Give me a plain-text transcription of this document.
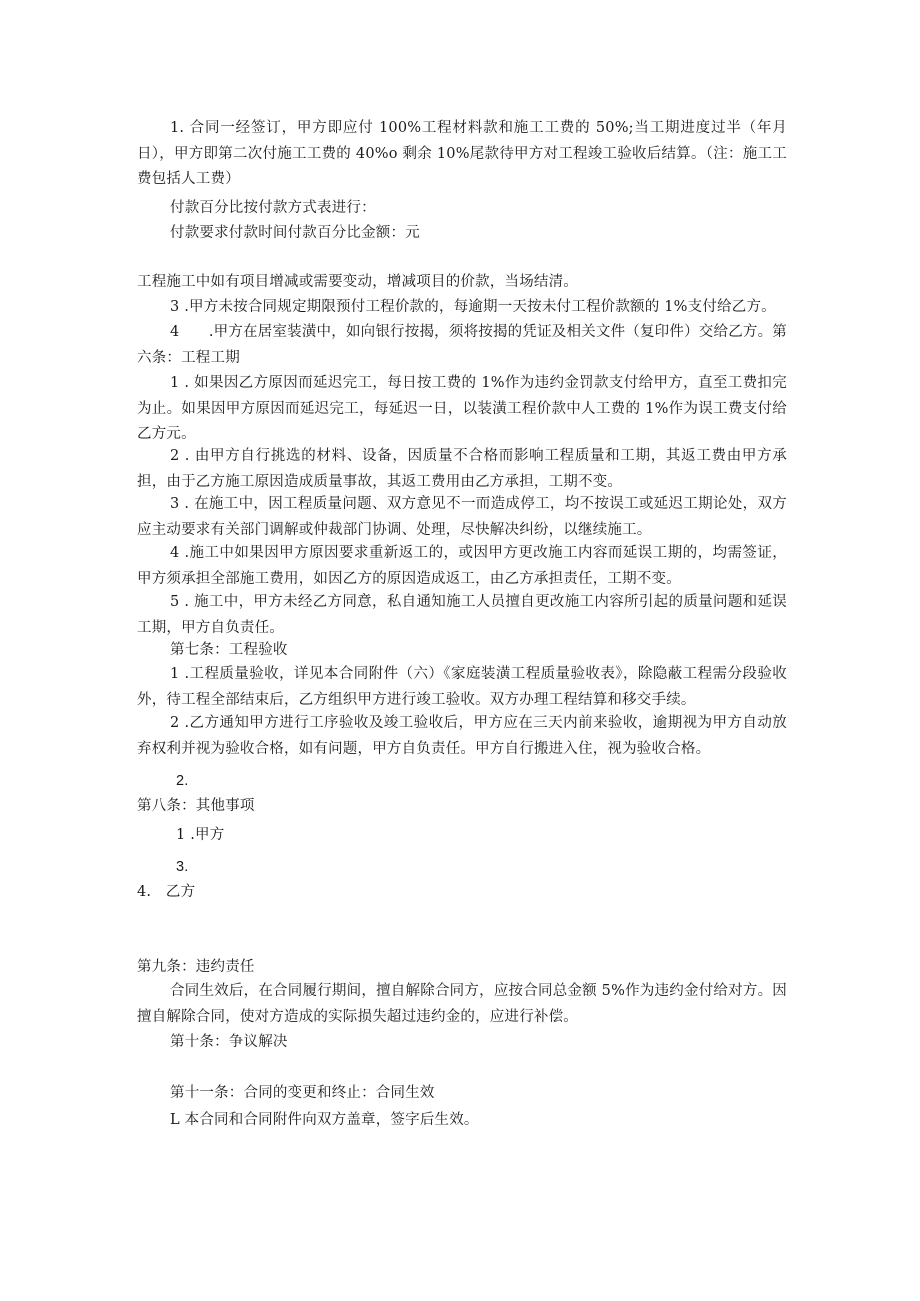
1. 合同一经签订，甲方即应付 100%工程材料款和施工工费的 50%;当工期进度过半（年月日），甲方即第二次付施工工费的 40%o 剩余 10%尾款待甲方对工程竣工验收后结算。（注：施工工费包括人工费）
付款百分比按付款方式表进行：
付款要求付款时间付款百分比金额：元
工程施工中如有项目增减或需要变动，增减项目的价款，当场结清。
3 .甲方未按合同规定期限预付工程价款的，每逾期一天按未付工程价款额的 1%支付给乙方。
4　　.甲方在居室装潢中，如向银行按揭，须将按揭的凭证及相关文件（复印件）交给乙方。第六条：工程工期
1 . 如果因乙方原因而延迟完工，每日按工费的 1%作为违约金罚款支付给甲方，直至工费扣完为止。如果因甲方原因而延迟完工，每延迟一日，以装潢工程价款中人工费的 1%作为误工费支付给乙方元。
2 . 由甲方自行挑选的材料、设备，因质量不合格而影响工程质量和工期，其返工费由甲方承担，由于乙方施工原因造成质量事故，其返工费用由乙方承担，工期不变。
3 . 在施工中，因工程质量问题、双方意见不一而造成停工，均不按误工或延迟工期论处，双方应主动要求有关部门调解或仲裁部门协调、处理，尽快解决纠纷，以继续施工。
4 .施工中如果因甲方原因要求重新返工的，或因甲方更改施工内容而延误工期的，均需签证，甲方须承担全部施工费用，如因乙方的原因造成返工，由乙方承担责任，工期不变。
5 . 施工中，甲方未经乙方同意，私自通知施工人员擅自更改施工内容所引起的质量问题和延误工期，甲方自负责任。
第七条：工程验收
1 .工程质量验收，详见本合同附件（六）《家庭装潢工程质量验收表》，除隐蔽工程需分段验收外，待工程全部结束后，乙方组织甲方进行竣工验收。双方办理工程结算和移交手续。
2 .乙方通知甲方进行工序验收及竣工验收后，甲方应在三天内前来验收，逾期视为甲方自动放弃权利并视为验收合格，如有问题，甲方自负责任。甲方自行搬进入住，视为验收合格。
2.
第八条：其他事项
1 .甲方
3.
4.　乙方
第九条：违约责任
合同生效后，在合同履行期间，擅自解除合同方，应按合同总金额 5%作为违约金付给对方。因擅自解除合同，使对方造成的实际损失超过违约金的，应进行补偿。
第十条：争议解决
第十一条：合同的变更和终止：合同生效
L 本合同和合同附件向双方盖章，签字后生效。
